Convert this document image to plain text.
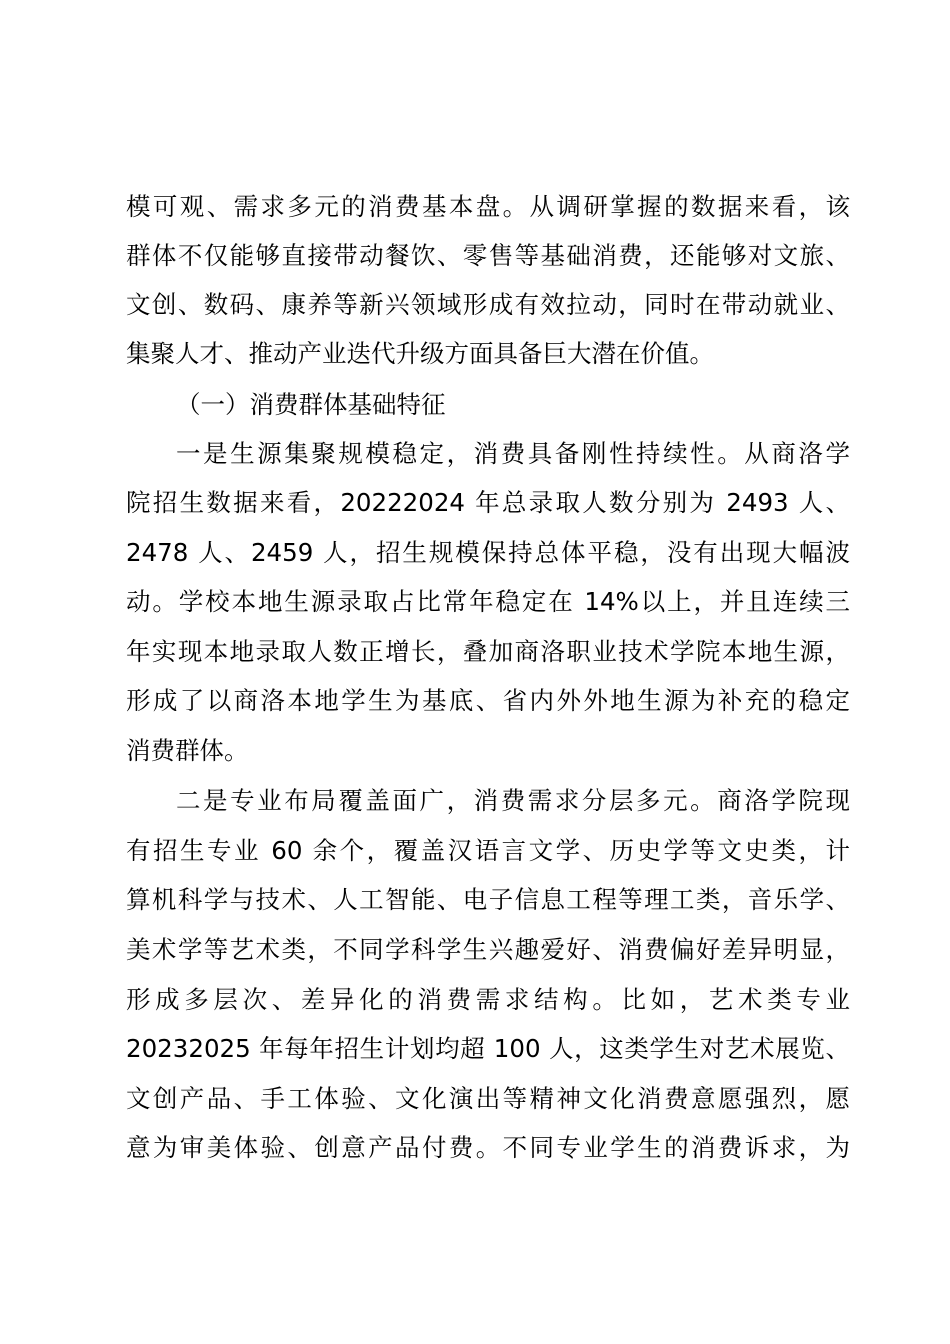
模可观、需求多元的消费基本盘。从调研掌握的数据来看，该
群体不仅能够直接带动餐饮、零售等基础消费，还能够对文旅、
文创、数码、康养等新兴领域形成有效拉动，同时在带动就业、
集聚人才、推动产业迭代升级方面具备巨大潜在价值。
（一）消费群体基础特征
一是生源集聚规模稳定，消费具备刚性持续性。从商洛学
院招生数据来看，20222024 年总录取人数分别为 2493 人、
2478 人、2459 人，招生规模保持总体平稳，没有出现大幅波
动。学校本地生源录取占比常年稳定在 14%以上，并且连续三
年实现本地录取人数正增长，叠加商洛职业技术学院本地生源，
形成了以商洛本地学生为基底、省内外外地生源为补充的稳定
消费群体。
二是专业布局覆盖面广，消费需求分层多元。商洛学院现
有招生专业 60 余个，覆盖汉语言文学、历史学等文史类，计
算机科学与技术、人工智能、电子信息工程等理工类，音乐学、
美术学等艺术类，不同学科学生兴趣爱好、消费偏好差异明显，
形成多层次、差异化的消费需求结构。比如，艺术类专业
20232025 年每年招生计划均超 100 人，这类学生对艺术展览、
文创产品、手工体验、文化演出等精神文化消费意愿强烈，愿
意为审美体验、创意产品付费。不同专业学生的消费诉求，为
